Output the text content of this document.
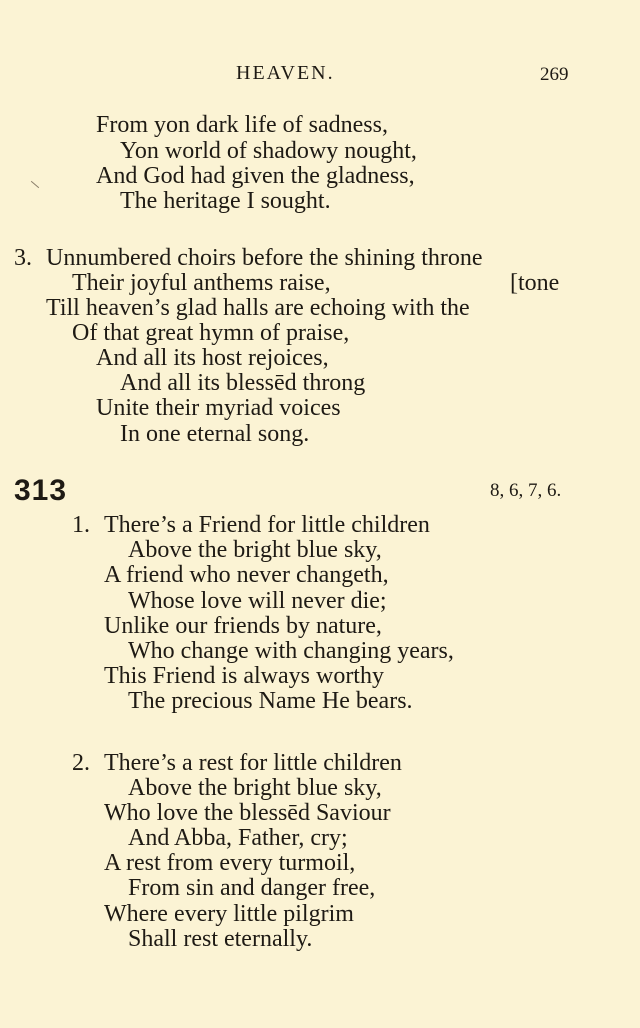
HEAVEN.	269
From yon dark life of sadness,
Yon world of shadowy nought,
And God had given the gladness,
The heritage I sought.
3. Unnumbered choirs before the shining throne
Their joyful anthems raise,	[tone
Till heaven’s glad halls are echoing with the
Of that great hymn of praise,
And all its host rejoices,
And all its blessēd throng
Unite their myriad voices
In one eternal song.
313	8, 6, 7, 6.
1. There’s a Friend for little children
Above the bright blue sky,
A friend who never changeth,
Whose love will never die;
Unlike our friends by nature,
Who change with changing years,
This Friend is always worthy
The precious Name He bears.
2. There’s a rest for little children
Above the bright blue sky,
Who love the blessēd Saviour
And Abba, Father, cry;
A rest from every turmoil,
From sin and danger free,
Where every little pilgrim
Shall rest eternally.
